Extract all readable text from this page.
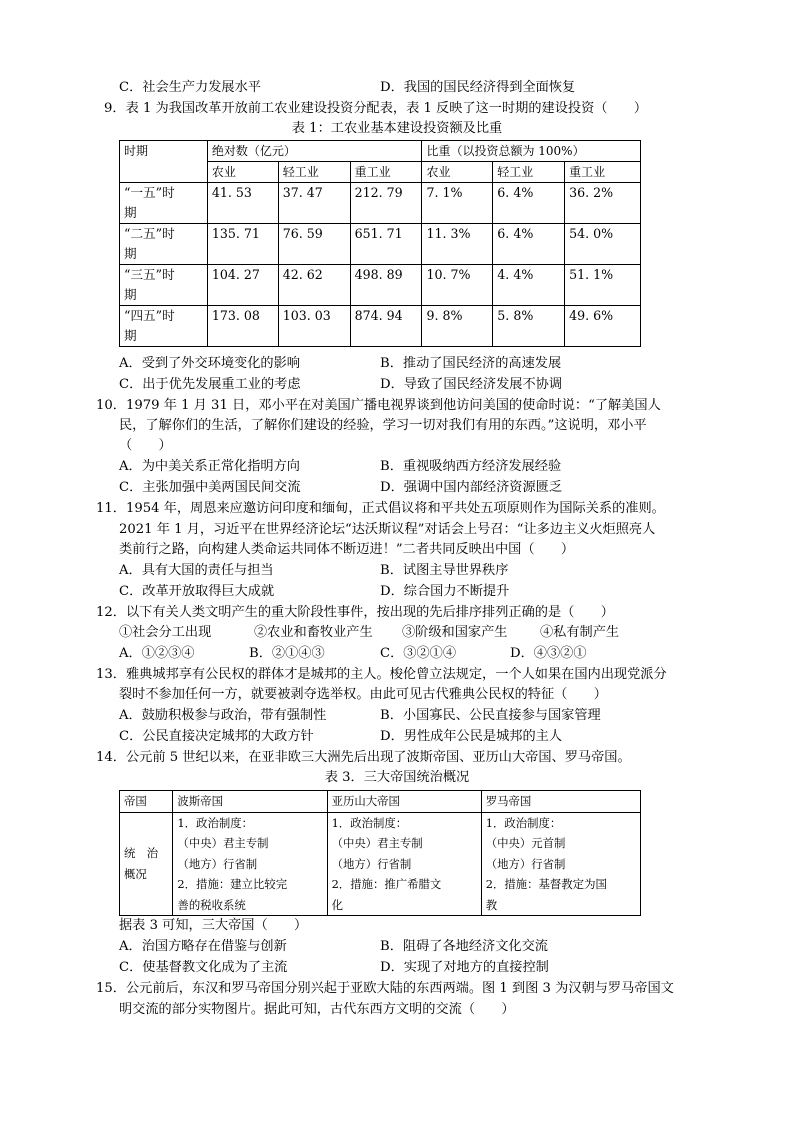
C．社会生产力发展水平	D．我国的国民经济得到全面恢复
9．表 1 为我国改革开放前工农业建设投资分配表，表 1 反映了这一时期的建设投资（　　）
表 1：工农业基本建设投资额及比重
时期	绝对数（亿元）			比重（以投资总额为 100%）		
	农业	轻工业	重工业	农业	轻工业	重工业
“一五”时
期	41. 53	37. 47	212. 79	7. 1%	6. 4%	36. 2%
“二五”时
期	135. 71	76. 59	651. 71	11. 3%	6. 4%	54. 0%
“三五”时
期	104. 27	42. 62	498. 89	10. 7%	4. 4%	51. 1%
“四五”时
期	173. 08	103. 03	874. 94	9. 8%	5. 8%	49. 6%
A．受到了外交环境变化的影响	B．推动了国民经济的高速发展
C．出于优先发展重工业的考虑	D．导致了国民经济发展不协调
10．1979 年 1 月 31 日，邓小平在对美国广播电视界谈到他访问美国的使命时说：“了解美国人
民，了解你们的生活，了解你们建设的经验，学习一切对我们有用的东西。”这说明，邓小平
（　　）
A．为中美关系正常化指明方向	B．重视吸纳西方经济发展经验
C．主张加强中美两国民间交流	D．强调中国内部经济资源匮乏
11．1954 年，周恩来应邀访问印度和缅甸，正式倡议将和平共处五项原则作为国际关系的准则。
2021 年 1 月，习近平在世界经济论坛“达沃斯议程”对话会上号召：“让多边主义火炬照亮人
类前行之路，向构建人类命运共同体不断迈进！”二者共同反映出中国（　　）
A．具有大国的责任与担当	B．试图主导世界秩序
C．改革开放取得巨大成就	D．综合国力不断提升
12．以下有关人类文明产生的重大阶段性事件，按出现的先后排序排列正确的是（　　）
①社会分工出现	②农业和畜牧业产生 ③阶级和国家产生 ④私有制产生
A．①②③④	B．②①④③	C．③②①④	D．④③②①
13．雅典城邦享有公民权的群体才是城邦的主人。梭伦曾立法规定，一个人如果在国内出现党派分
裂时不参加任何一方，就要被剥夺选举权。由此可见古代雅典公民权的特征（　　）
A．鼓励积极参与政治，带有强制性	B．小国寡民、公民直接参与国家管理
C．公民直接决定城邦的大政方针	D．男性成年公民是城邦的主人
14．公元前 5 世纪以来，在亚非欧三大洲先后出现了波斯帝国、亚历山大帝国、罗马帝国。
表 3．三大帝国统治概况
帝国	波斯帝国	亚历山大帝国	罗马帝国
统　治
概况	1．政治制度：
（中央）君主专制
（地方）行省制
2．措施：建立比较完
善的税收系统	1．政治制度：
（中央）君主专制
（地方）行省制
2．措施：推广希腊文
化	1．政治制度：
（中央）元首制
（地方）行省制
2．措施：基督教定为国
教
据表 3 可知，三大帝国（　　）
A．治国方略存在借鉴与创新	B．阻碍了各地经济文化交流
C．使基督教文化成为了主流	D．实现了对地方的直接控制
15．公元前后，东汉和罗马帝国分别兴起于亚欧大陆的东西两端。图 1 到图 3 为汉朝与罗马帝国文
明交流的部分实物图片。据此可知，古代东西方文明的交流（　　）
